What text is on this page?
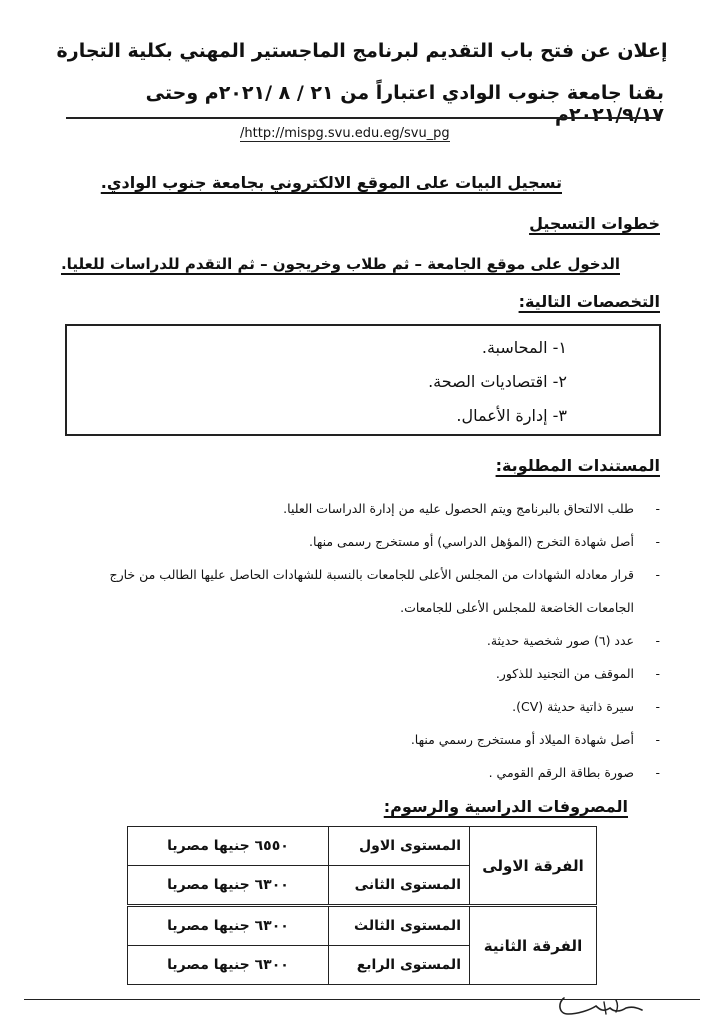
إعلان عن فتح باب التقديم لبرنامج الماجستير المهني بكلية التجارة
بقنا جامعة جنوب الوادي اعتباراً من ٢١ / ٨ /٢٠٢١م وحتى ٢٠٢١/٩/١٧م
/http://mispg.svu.edu.eg/svu_pg
تسجيل البيات على الموقع الالكتروني بجامعة جنوب الوادي.
خطوات التسجيل
الدخول على موقع الجامعة – ثم طلاب وخريجون – ثم التقدم للدراسات للعليا.
التخصصات التالية:
١- المحاسبة.
٢- اقتصاديات الصحة.
٣- إدارة الأعمال.
المستندات المطلوبة:
-
طلب الالتحاق بالبرنامج ويتم الحصول عليه من إدارة الدراسات العليا.
-
أصل شهادة التخرج (المؤهل الدراسي) أو مستخرج رسمى منها.
-
قرار معادله الشهادات من المجلس الأعلى للجامعات بالنسبة للشهادات الحاصل عليها الطالب من خارج الجامعات الخاضعة للمجلس الأعلى للجامعات.
-
عدد (٦) صور شخصية حديثة.
-
الموقف من التجنيد للذكور.
-
سيرة ذاتية حديثة (CV).
-
أصل شهادة الميلاد أو مستخرج رسمي منها.
-
صورة بطاقة الرقم القومي .
المصروفات الدراسية والرسوم:
الفرقة الاولى	المستوى الاول	٦٥٥٠ جنيها مصريا
	المستوى الثانى	٦٣٠٠ جنيها مصريا
الفرقة الثانية	المستوى الثالث	٦٣٠٠ جنيها مصريا
	المستوى الرابع	٦٣٠٠ جنيها مصريا
